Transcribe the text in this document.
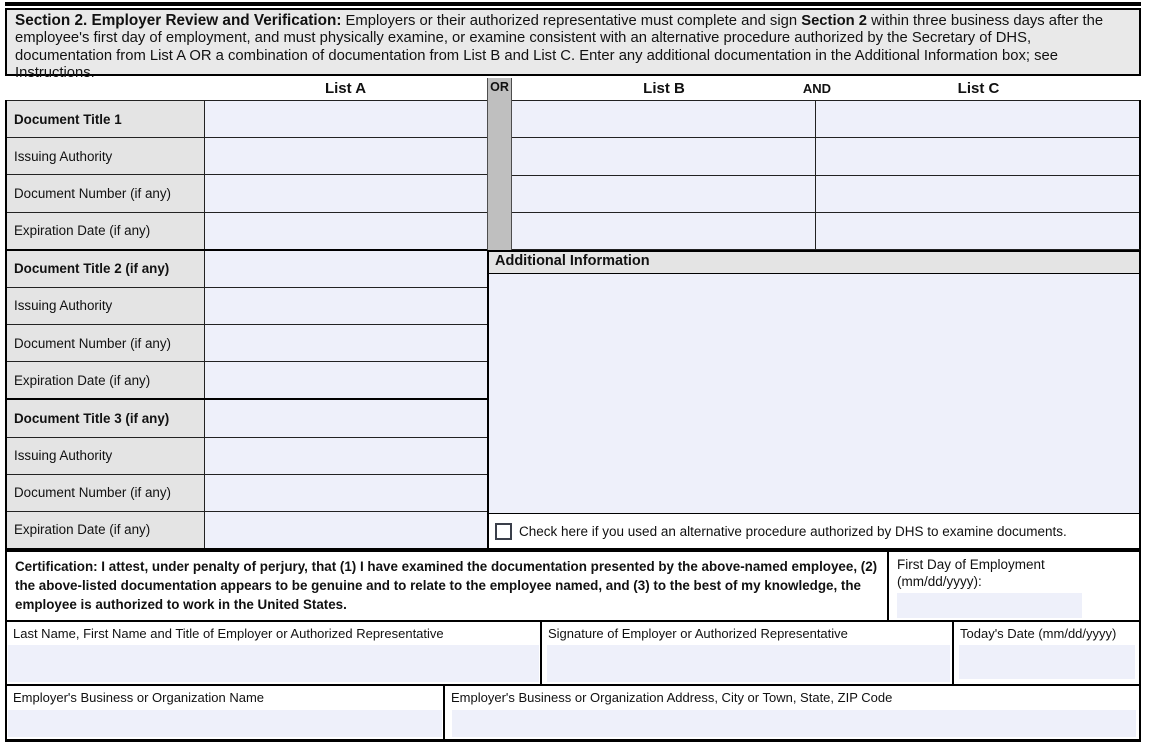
Section 2. Employer Review and Verification: Employers or their authorized representative must complete and sign Section 2 within three business days after the employee's first day of employment, and must physically examine, or examine consistent with an alternative procedure authorized by the Secretary of DHS, documentation from List A OR a combination of documentation from List B and List C. Enter any additional documentation in the Additional Information box; see Instructions.
List A	List B	AND	List C
OR
Document Title 1
Issuing Authority
Document Number (if any)
Expiration Date (if any)
Document Title 2 (if any)
Issuing Authority
Document Number (if any)
Expiration Date (if any)
Document Title 3 (if any)
Issuing Authority
Document Number (if any)
Expiration Date (if any)
Additional Information
Check here if you used an alternative procedure authorized by DHS to examine documents.
Certification: I attest, under penalty of perjury, that (1) I have examined the documentation presented by the above-named employee, (2) the above-listed documentation appears to be genuine and to relate to the employee named, and (3) to the best of my knowledge, the employee is authorized to work in the United States.
First Day of Employment
(mm/dd/yyyy):
Last Name, First Name and Title of Employer or Authorized Representative	Signature of Employer or Authorized Representative	Today's Date (mm/dd/yyyy)
Employer's Business or Organization Name	Employer's Business or Organization Address, City or Town, State, ZIP Code
